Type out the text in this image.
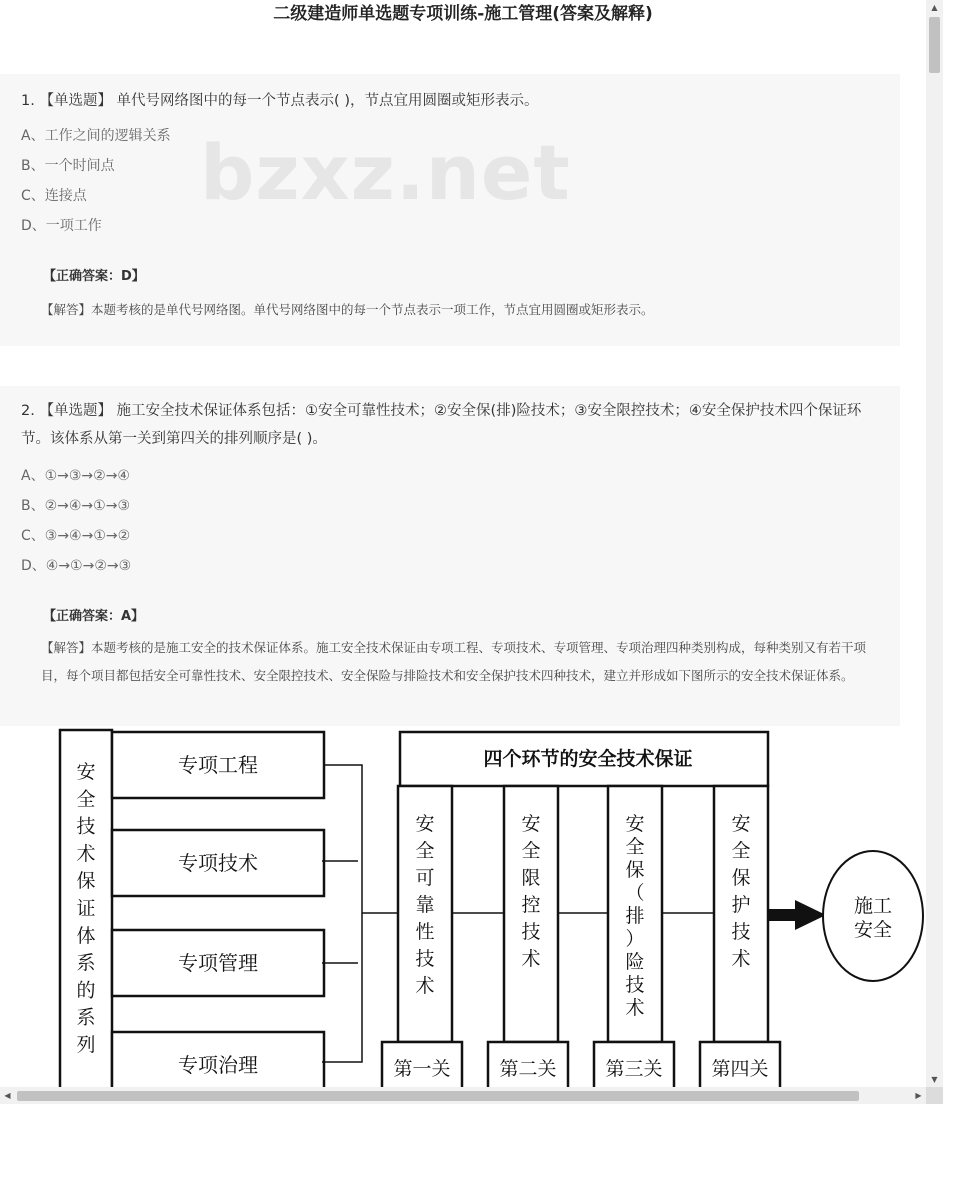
二级建造师单选题专项训练-施工管理(答案及解释)
1. 【单选题】 单代号网络图中的每一个节点表示( )，节点宜用圆圈或矩形表示。
A、工作之间的逻辑关系
B、一个时间点
C、连接点
D、一项工作
【正确答案：D】
【解答】本题考核的是单代号网络图。单代号网络图中的每一个节点表示一项工作，节点宜用圆圈或矩形表示。
bzxz.net
2. 【单选题】 施工安全技术保证体系包括：①安全可靠性技术；②安全保(排)险技术；③安全限控技术；④安全保护技术四个保证环节。该体系从第一关到第四关的排列顺序是( )。
A、①→③→②→④
B、②→④→①→③
C、③→④→①→②
D、④→①→②→③
【正确答案：A】
【解答】本题考核的是施工安全的技术保证体系。施工安全技术保证由专项工程、专项技术、专项管理、专项治理四种类别构成，每种类别又有若干项目，每个项目都包括安全可靠性技术、安全限控技术、安全保险与排险技术和安全保护技术四种技术，建立并形成如下图所示的安全技术保证体系。
安
全
技
术
保
证
体
系
的
系
列
专项工程
专项技术
专项管理
专项治理
四个环节的安全技术保证
安
全
可
靠
性
技
术
安
全
限
控
技
术
安
全
保
（
排
）
险
技
术
安
全
保
护
技
术
第一关	第二关	第三关	第四关
施工
安全
▲
▼
◀	▶
